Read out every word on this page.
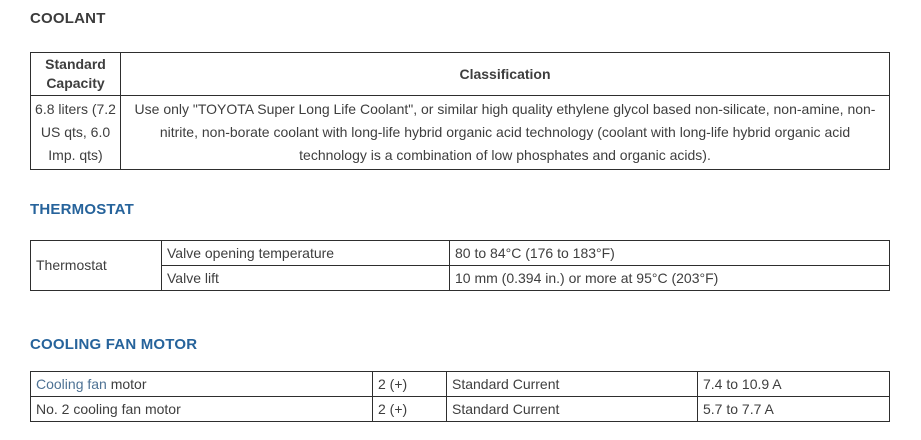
COOLANT
Standard Capacity	Classification
6.8 liters (7.2 US qts, 6.0 Imp. qts)	Use only "TOYOTA Super Long Life Coolant", or similar high quality ethylene glycol based non-silicate, non-amine, non-nitrite, non-borate coolant with long-life hybrid organic acid technology (coolant with long-life hybrid organic acid technology is a combination of low phosphates and organic acids).
THERMOSTAT
Thermostat	Valve opening temperature	80 to 84°C (176 to 183°F)
	Valve lift	10 mm (0.394 in.) or more at 95°C (203°F)
COOLING FAN MOTOR
Cooling fan motor	2 (+)	Standard Current	7.4 to 10.9 A
No. 2 cooling fan motor	2 (+)	Standard Current	5.7 to 7.7 A
